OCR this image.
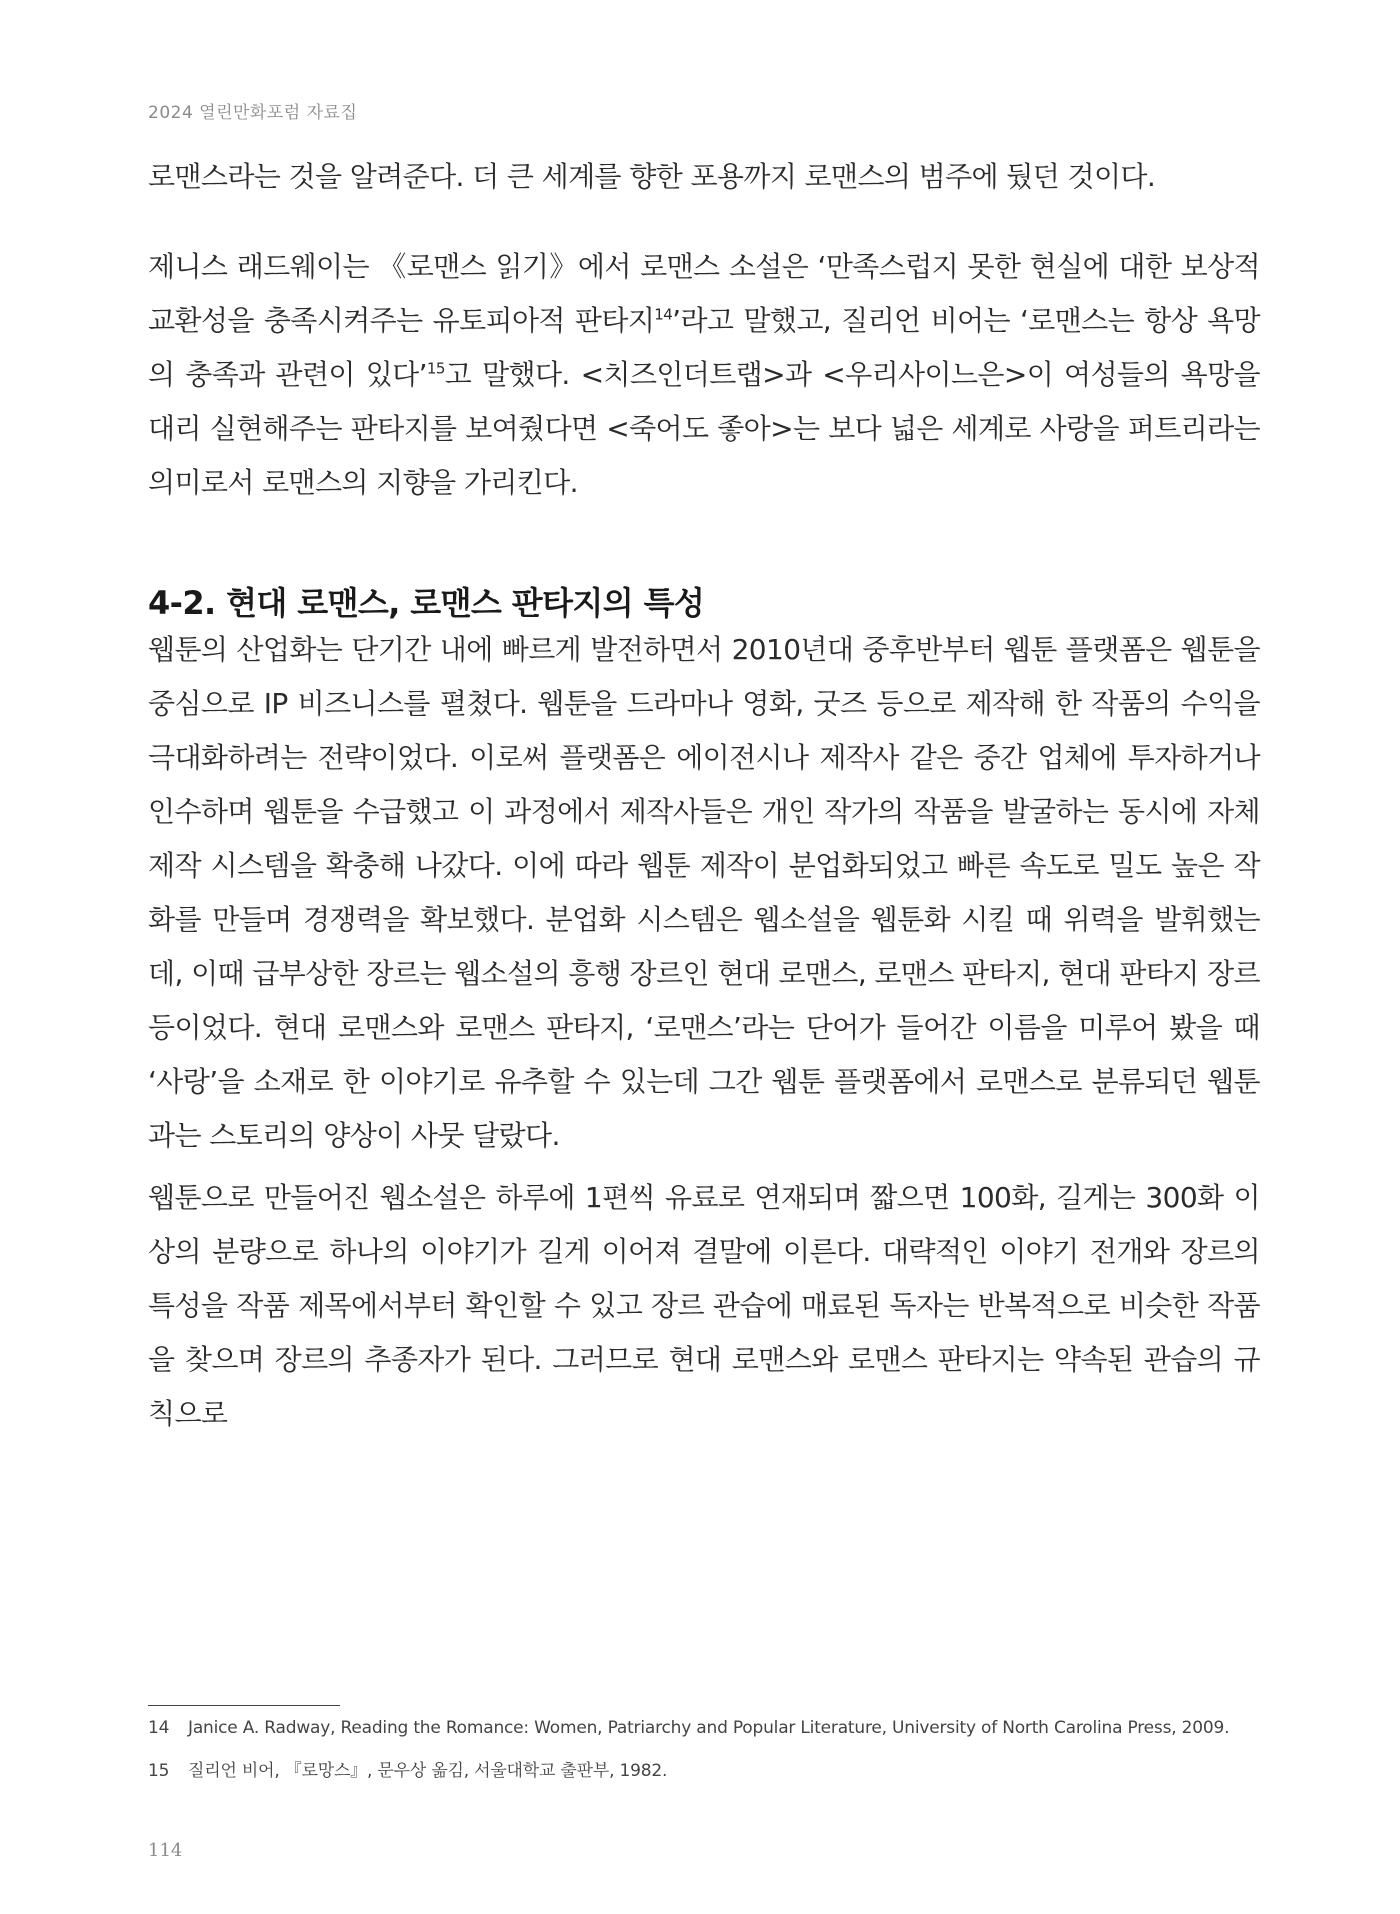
2024 열린만화포럼 자료집

로맨스라는 것을 알려준다. 더 큰 세계를 향한 포용까지 로맨스의 범주에 뒀던 것이다.

제니스 래드웨이는 《로맨스 읽기》에서 로맨스 소설은 ‘만족스럽지 못한 현실에 대한 보상적 교환성을 충족시켜주는 유토피아적 판타지$^{14}$’라고 말했고, 질리언 비어는 ‘로맨스는 항상 욕망의 충족과 관련이 있다’$^{15}$고 말했다. <치즈인더트랩>과 <우리사이느은>이 여성들의 욕망을 대리 실현해주는 판타지를 보여줬다면 <죽어도 좋아>는 보다 넓은 세계로 사랑을 퍼트리라는 의미로서 로맨스의 지향을 가리킨다.

4-2. 현대 로맨스, 로맨스 판타지의 특성

웹툰의 산업화는 단기간 내에 빠르게 발전하면서 2010년대 중후반부터 웹툰 플랫폼은 웹툰을 중심으로 IP 비즈니스를 펼쳤다. 웹툰을 드라마나 영화, 굿즈 등으로 제작해 한 작품의 수익을 극대화하려는 전략이었다. 이로써 플랫폼은 에이전시나 제작사 같은 중간 업체에 투자하거나 인수하며 웹툰을 수급했고 이 과정에서 제작사들은 개인 작가의 작품을 발굴하는 동시에 자체 제작 시스템을 확충해 나갔다. 이에 따라 웹툰 제작이 분업화되었고 빠른 속도로 밀도 높은 작화를 만들며 경쟁력을 확보했다. 분업화 시스템은 웹소설을 웹툰화 시킬 때 위력을 발휘했는데, 이때 급부상한 장르는 웹소설의 흥행 장르인 현대 로맨스, 로맨스 판타지, 현대 판타지 장르 등이었다. 현대 로맨스와 로맨스 판타지, ‘로맨스’라는 단어가 들어간 이름을 미루어 봤을 때 ‘사랑’을 소재로 한 이야기로 유추할 수 있는데 그간 웹툰 플랫폼에서 로맨스로 분류되던 웹툰과는 스토리의 양상이 사뭇 달랐다.

웹툰으로 만들어진 웹소설은 하루에 1편씩 유료로 연재되며 짧으면 100화, 길게는 300화 이상의 분량으로 하나의 이야기가 길게 이어져 결말에 이른다. 대략적인 이야기 전개와 장르의 특성을 작품 제목에서부터 확인할 수 있고 장르 관습에 매료된 독자는 반복적으로 비슷한 작품을 찾으며 장르의 추종자가 된다. 그러므로 현대 로맨스와 로맨스 판타지는 약속된 관습의 규칙으로

14 Janice A. Radway, Reading the Romance: Women, Patriarchy and Popular Literature, University of North Carolina Press, 2009.
15 질리언 비어, 『로망스』, 문우상 옮김, 서울대학교 출판부, 1982.
114
